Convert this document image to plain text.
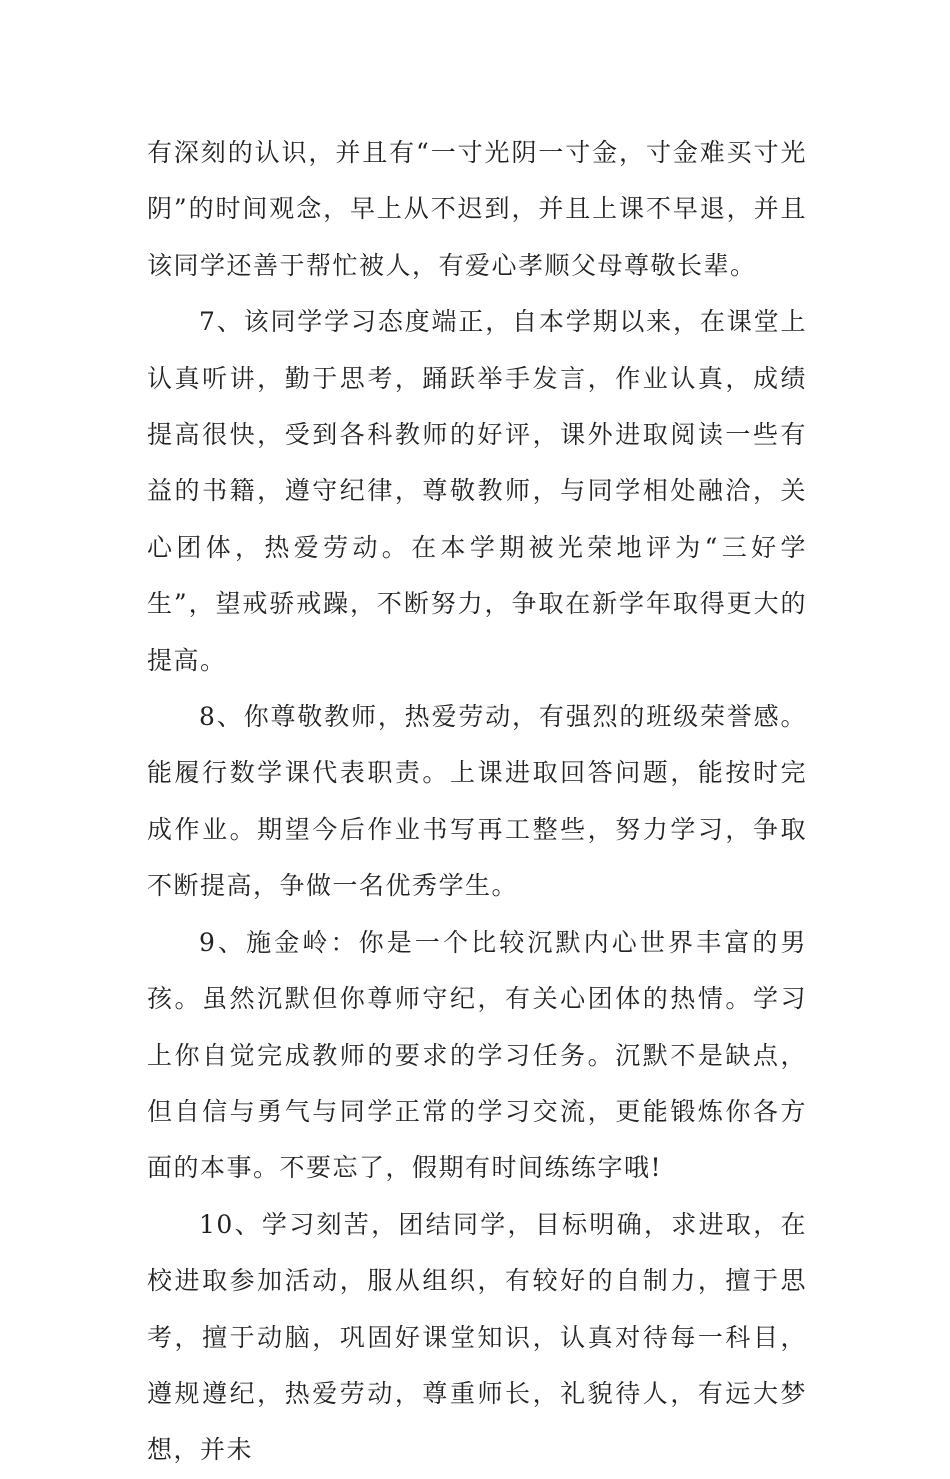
有深刻的认识，并且有“一寸光阴一寸金，寸金难买寸光阴”的时间观念，早上从不迟到，并且上课不早退，并且该同学还善于帮忙被人，有爱心孝顺父母尊敬长辈。

7、该同学学习态度端正，自本学期以来，在课堂上认真听讲，勤于思考，踊跃举手发言，作业认真，成绩提高很快，受到各科教师的好评，课外进取阅读一些有益的书籍，遵守纪律，尊敬教师，与同学相处融洽，关心团体，热爱劳动。在本学期被光荣地评为“三好学生”，望戒骄戒躁，不断努力，争取在新学年取得更大的提高。

8、你尊敬教师，热爱劳动，有强烈的班级荣誉感。能履行数学课代表职责。上课进取回答问题，能按时完成作业。期望今后作业书写再工整些，努力学习，争取不断提高，争做一名优秀学生。

9、施金岭：你是一个比较沉默内心世界丰富的男孩。虽然沉默但你尊师守纪，有关心团体的热情。学习上你自觉完成教师的要求的学习任务。沉默不是缺点，但自信与勇气与同学正常的学习交流，更能锻炼你各方面的本事。不要忘了，假期有时间练练字哦!

10、学习刻苦，团结同学，目标明确，求进取，在校进取参加活动，服从组织，有较好的自制力，擅于思考，擅于动脑，巩固好课堂知识，认真对待每一科目，遵规遵纪，热爱劳动，尊重师长，礼貌待人，有远大梦想，并未
